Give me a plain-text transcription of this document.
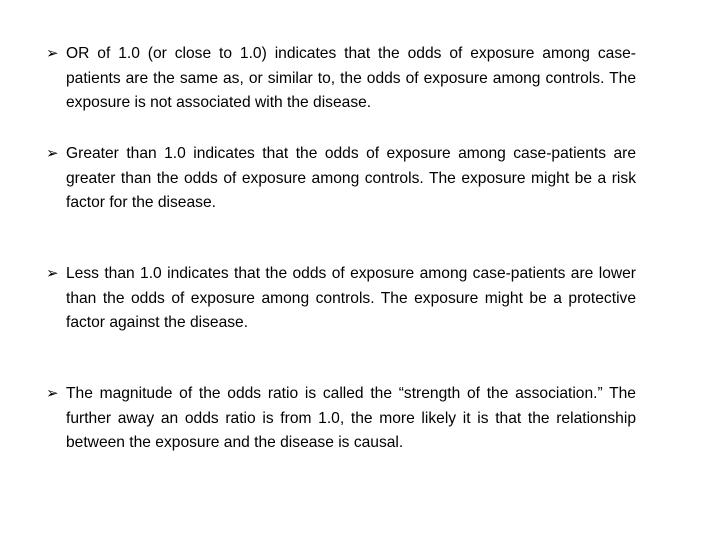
➢ OR of 1.0 (or close to 1.0) indicates that the odds of exposure among case-patients are the same as, or similar to, the odds of exposure among controls. The exposure is not associated with the disease.
➢ Greater than 1.0 indicates that the odds of exposure among case-patients are greater than the odds of exposure among controls. The exposure might be a risk factor for the disease.
➢ Less than 1.0 indicates that the odds of exposure among case-patients are lower than the odds of exposure among controls. The exposure might be a protective factor against the disease.
➢ The magnitude of the odds ratio is called the “strength of the association.” The further away an odds ratio is from 1.0, the more likely it is that the relationship between the exposure and the disease is causal.
